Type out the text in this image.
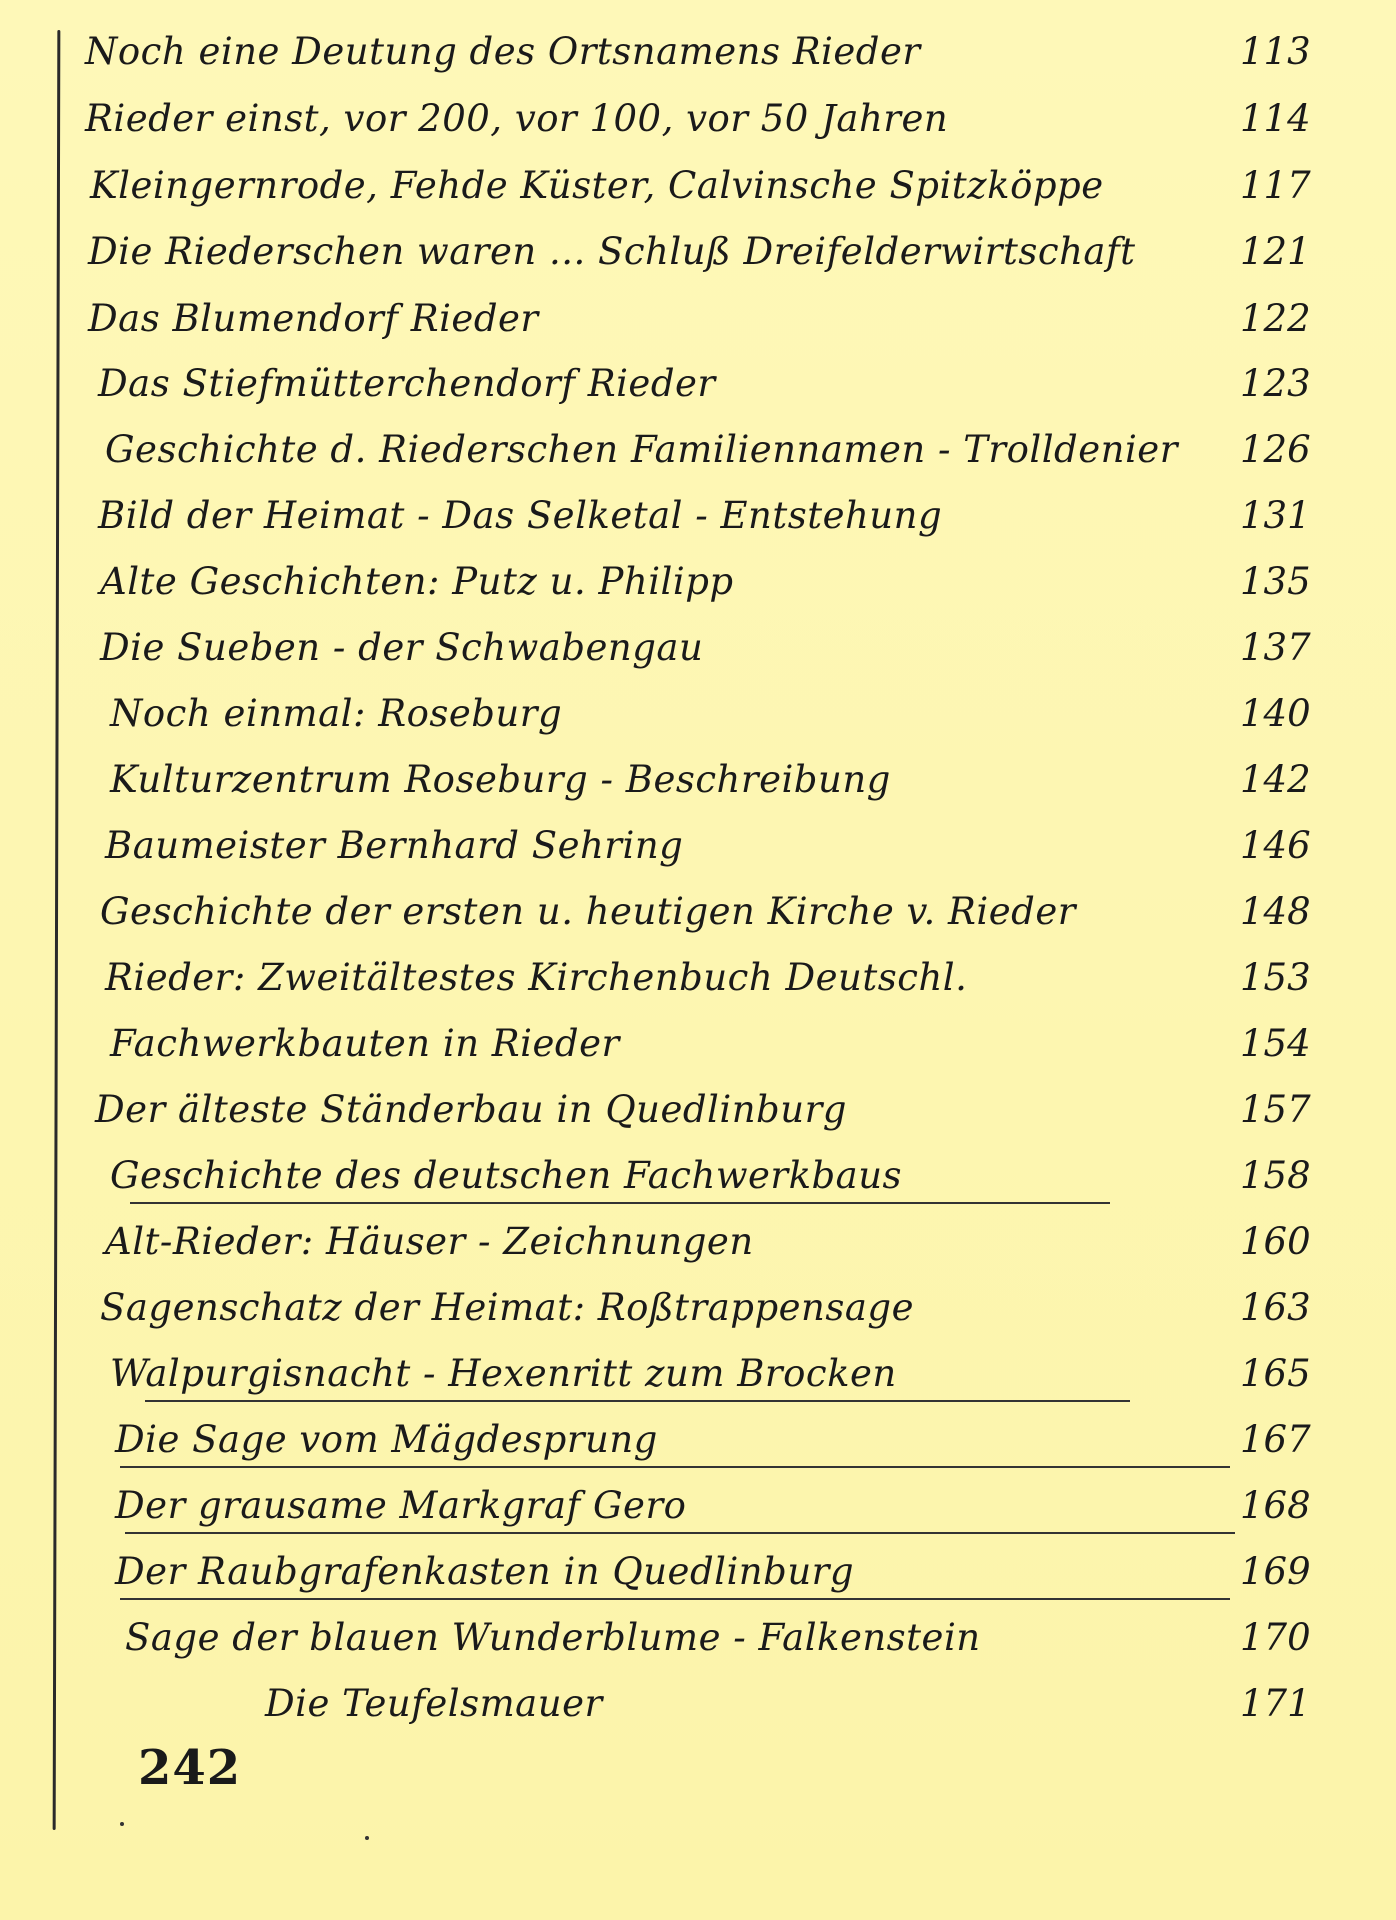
Noch eine Deutung des Ortsnamens Rieder	113
Rieder einst, vor 200, vor 100, vor 50 Jahren	114
Kleingernrode, Fehde Küster, Calvinsche Spitzköppe	117
Die Riederschen waren ... Schluß Dreifelderwirtschaft	121
Das Blumendorf Rieder	122
Das Stiefmütterchendorf Rieder	123
Geschichte d. Riederschen Familiennamen - Trolldenier 126
Bild der Heimat - Das Selketal - Entstehung	131
Alte Geschichten: Putz u. Philipp	135
Die Sueben - der Schwabengau	137
Noch einmal: Roseburg	140
Kulturzentrum Roseburg - Beschreibung	142
Baumeister Bernhard Sehring	146
Geschichte der ersten u. heutigen Kirche v. Rieder	148
Rieder: Zweitältestes Kirchenbuch Deutschl.	153
Fachwerkbauten in Rieder	154
Der älteste Ständerbau in Quedlinburg	157
Geschichte des deutschen Fachwerkbaus	158
Alt-Rieder: Häuser - Zeichnungen	160
Sagenschatz der Heimat: Roßtrappensage	163
Walpurgisnacht - Hexenritt zum Brocken	165
Die Sage vom Mägdesprung	167
Der grausame Markgraf Gero	168
Der Raubgrafenkasten in Quedlinburg	169
Sage der blauen Wunderblume - Falkenstein	170
Die Teufelsmauer	171
242
